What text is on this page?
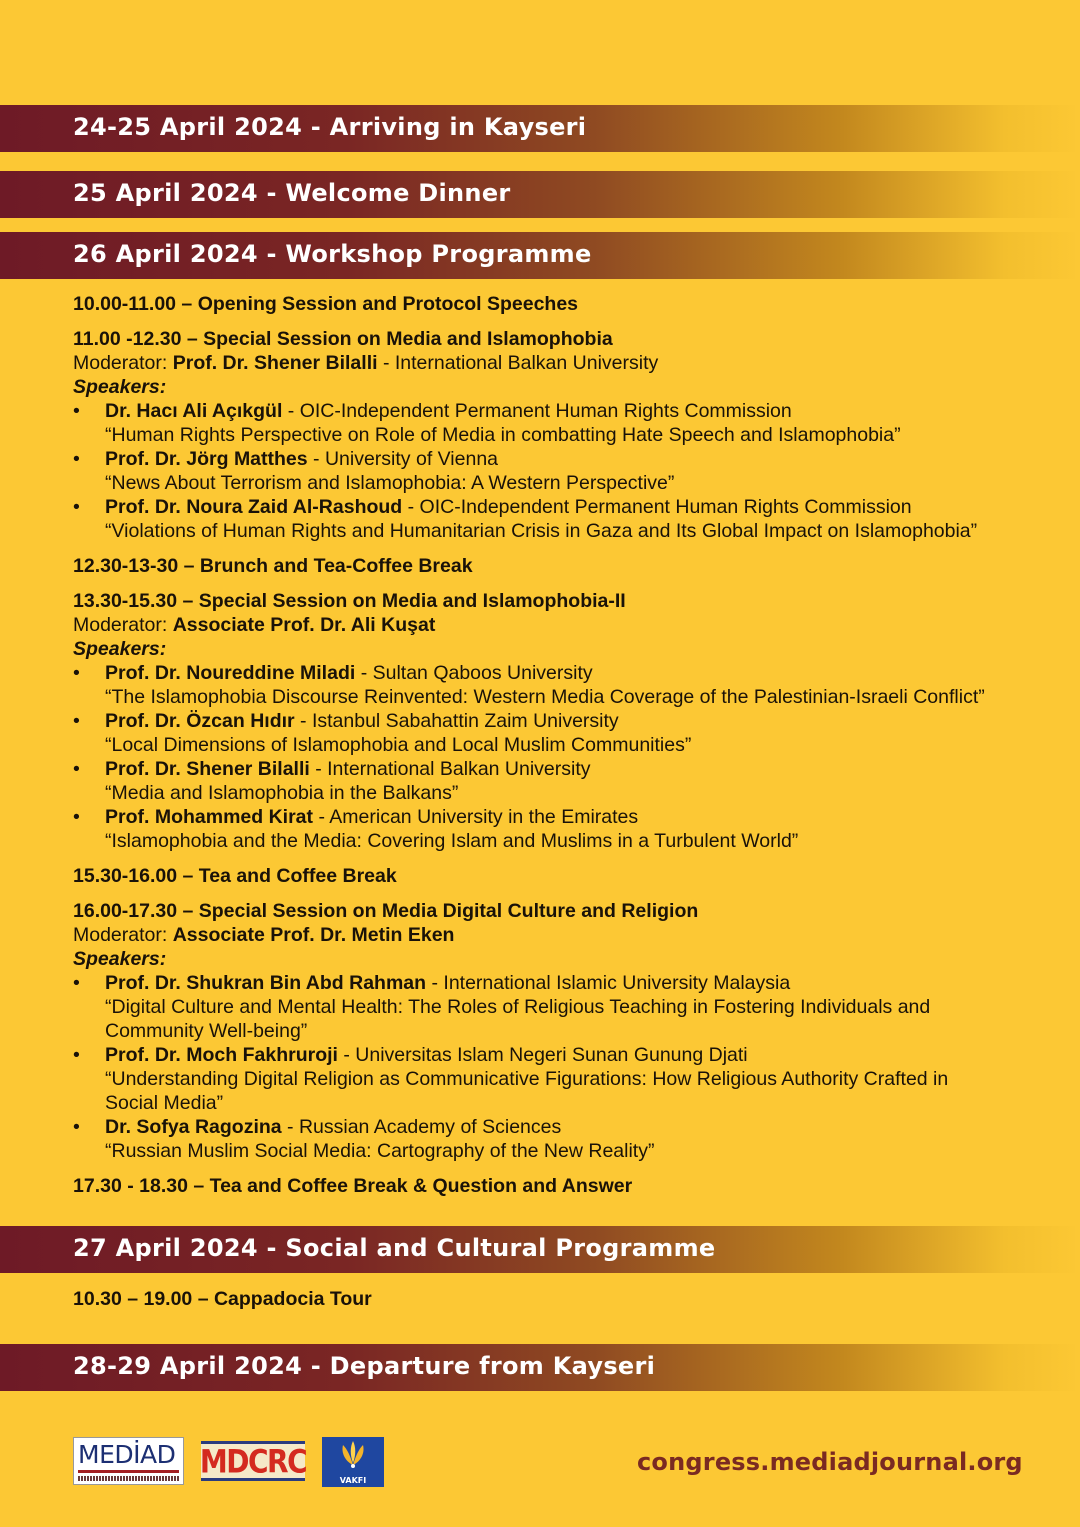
24-25 April 2024 - Arriving in Kayseri
25 April 2024 - Welcome Dinner
26 April 2024 - Workshop Programme
10.00-11.00 – Opening Session and Protocol Speeches
11.00 -12.30 – Special Session on Media and Islamophobia
Moderator: Prof. Dr. Shener Bilalli - International Balkan University
Speakers:
• Dr. Hacı Ali Açıkgül - OIC-Independent Permanent Human Rights Commission
“Human Rights Perspective on Role of Media in combatting Hate Speech and Islamophobia”
• Prof. Dr. Jörg Matthes - University of Vienna
“News About Terrorism and Islamophobia: A Western Perspective”
• Prof. Dr. Noura Zaid Al-Rashoud - OIC-Independent Permanent Human Rights Commission
“Violations of Human Rights and Humanitarian Crisis in Gaza and Its Global Impact on Islamophobia”
12.30-13-30 – Brunch and Tea-Coffee Break
13.30-15.30 – Special Session on Media and Islamophobia-II
Moderator: Associate Prof. Dr. Ali Kuşat
Speakers:
• Prof. Dr. Noureddine Miladi - Sultan Qaboos University
“The Islamophobia Discourse Reinvented: Western Media Coverage of the Palestinian-Israeli Conflict”
• Prof. Dr. Özcan Hıdır - Istanbul Sabahattin Zaim University
“Local Dimensions of Islamophobia and Local Muslim Communities”
• Prof. Dr. Shener Bilalli - International Balkan University
“Media and Islamophobia in the Balkans”
• Prof. Mohammed Kirat - American University in the Emirates
“Islamophobia and the Media: Covering Islam and Muslims in a Turbulent World”
15.30-16.00 – Tea and Coffee Break
16.00-17.30 – Special Session on Media Digital Culture and Religion
Moderator: Associate Prof. Dr. Metin Eken
Speakers:
• Prof. Dr. Shukran Bin Abd Rahman - International Islamic University Malaysia
“Digital Culture and Mental Health: The Roles of Religious Teaching in Fostering Individuals and Community Well-being”
• Prof. Dr. Moch Fakhruroji - Universitas Islam Negeri Sunan Gunung Djati
“Understanding Digital Religion as Communicative Figurations: How Religious Authority Crafted in Social Media”
• Dr. Sofya Ragozina - Russian Academy of Sciences
“Russian Muslim Social Media: Cartography of the New Reality”
17.30 - 18.30 – Tea and Coffee Break & Question and Answer
27 April 2024 - Social and Cultural Programme
10.30 – 19.00 – Cappadocia Tour
28-29 April 2024 - Departure from Kayseri
MEDİAD MDCRC
VAKFI
congress.mediadjournal.org
